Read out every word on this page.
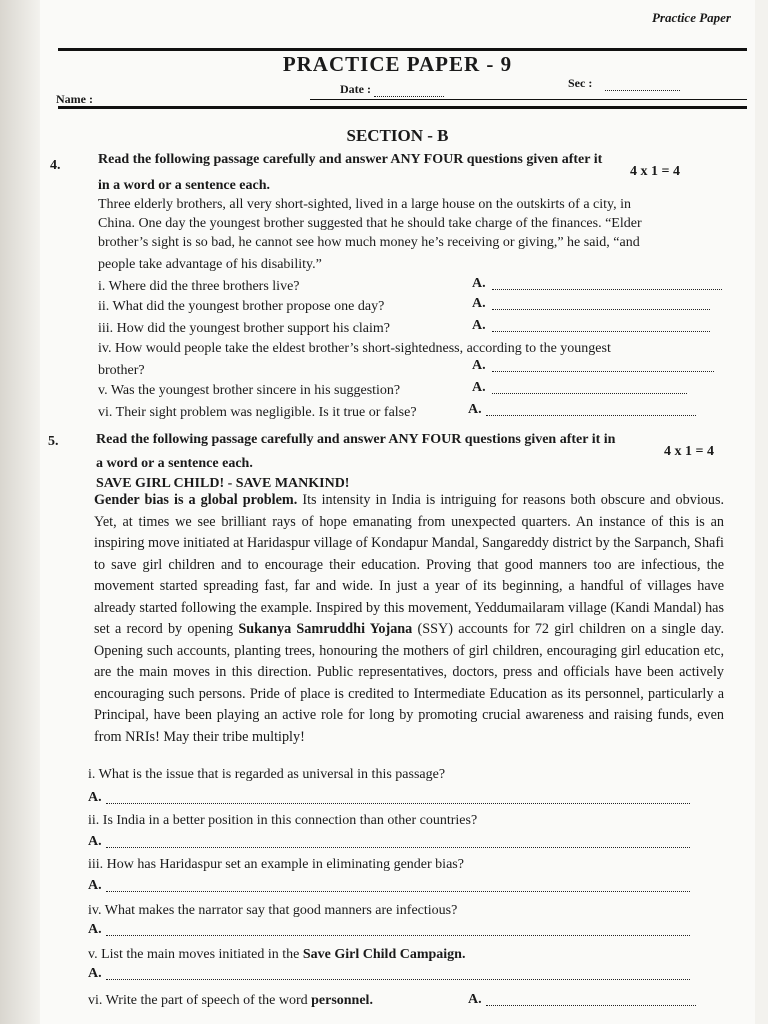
Practice Paper
PRACTICE PAPER - 9
Date :	Sec :
Name :
SECTION - B
4.	Read the following passage carefully and answer ANY FOUR questions given after it
4 x 1 = 4
in a word or a sentence each.
Three elderly brothers, all very short-sighted, lived in a large house on the outskirts of a city, in
China. One day the youngest brother suggested that he should take charge of the finances. “Elder
brother’s sight is so bad, he cannot see how much money he’s receiving or giving,” he said, “and
people take advantage of his disability.”
i. Where did the three brothers live?	A.
ii. What did the youngest brother propose one day?	A.
iii. How did the youngest brother support his claim?	A.
iv. How would people take the eldest brother’s short-sightedness, according to the youngest
brother?	A.
v. Was the youngest brother sincere in his suggestion?	A.
vi. Their sight problem was negligible. Is it true or false?	A.
5.	Read the following passage carefully and answer ANY FOUR questions given after it in
a word or a sentence each.
4 x 1 = 4
SAVE GIRL CHILD! - SAVE MANKIND!
Gender bias is a global problem. Its intensity in India is intriguing for reasons both obscure and obvious. Yet, at times we see brilliant rays of hope emanating from unexpected quarters. An instance of this is an inspiring move initiated at Haridaspur village of Kondapur Mandal, Sangareddy district by the Sarpanch, Shafi to save girl children and to encourage their education. Proving that good manners too are infectious, the movement started spreading fast, far and wide. In just a year of its beginning, a handful of villages have already started following the example. Inspired by this movement, Yeddumailaram village (Kandi Mandal) has set a record by opening Sukanya Samruddhi Yojana (SSY) accounts for 72 girl children on a single day. Opening such accounts, planting trees, honouring the mothers of girl children, encouraging girl education etc, are the main moves in this direction. Public representatives, doctors, press and officials have been actively encouraging such persons. Pride of place is credited to Intermediate Education as its personnel, particularly a Principal, have been playing an active role for long by promoting crucial awareness and raising funds, even from NRIs! May their tribe multiply!
i. What is the issue that is regarded as universal in this passage?
A.
ii. Is India in a better position in this connection than other countries?
A.
iii. How has Haridaspur set an example in eliminating gender bias?
A.
iv. What makes the narrator say that good manners are infectious?
A.
v. List the main moves initiated in the Save Girl Child Campaign.
A.
vi. Write the part of speech of the word personnel.	A.
